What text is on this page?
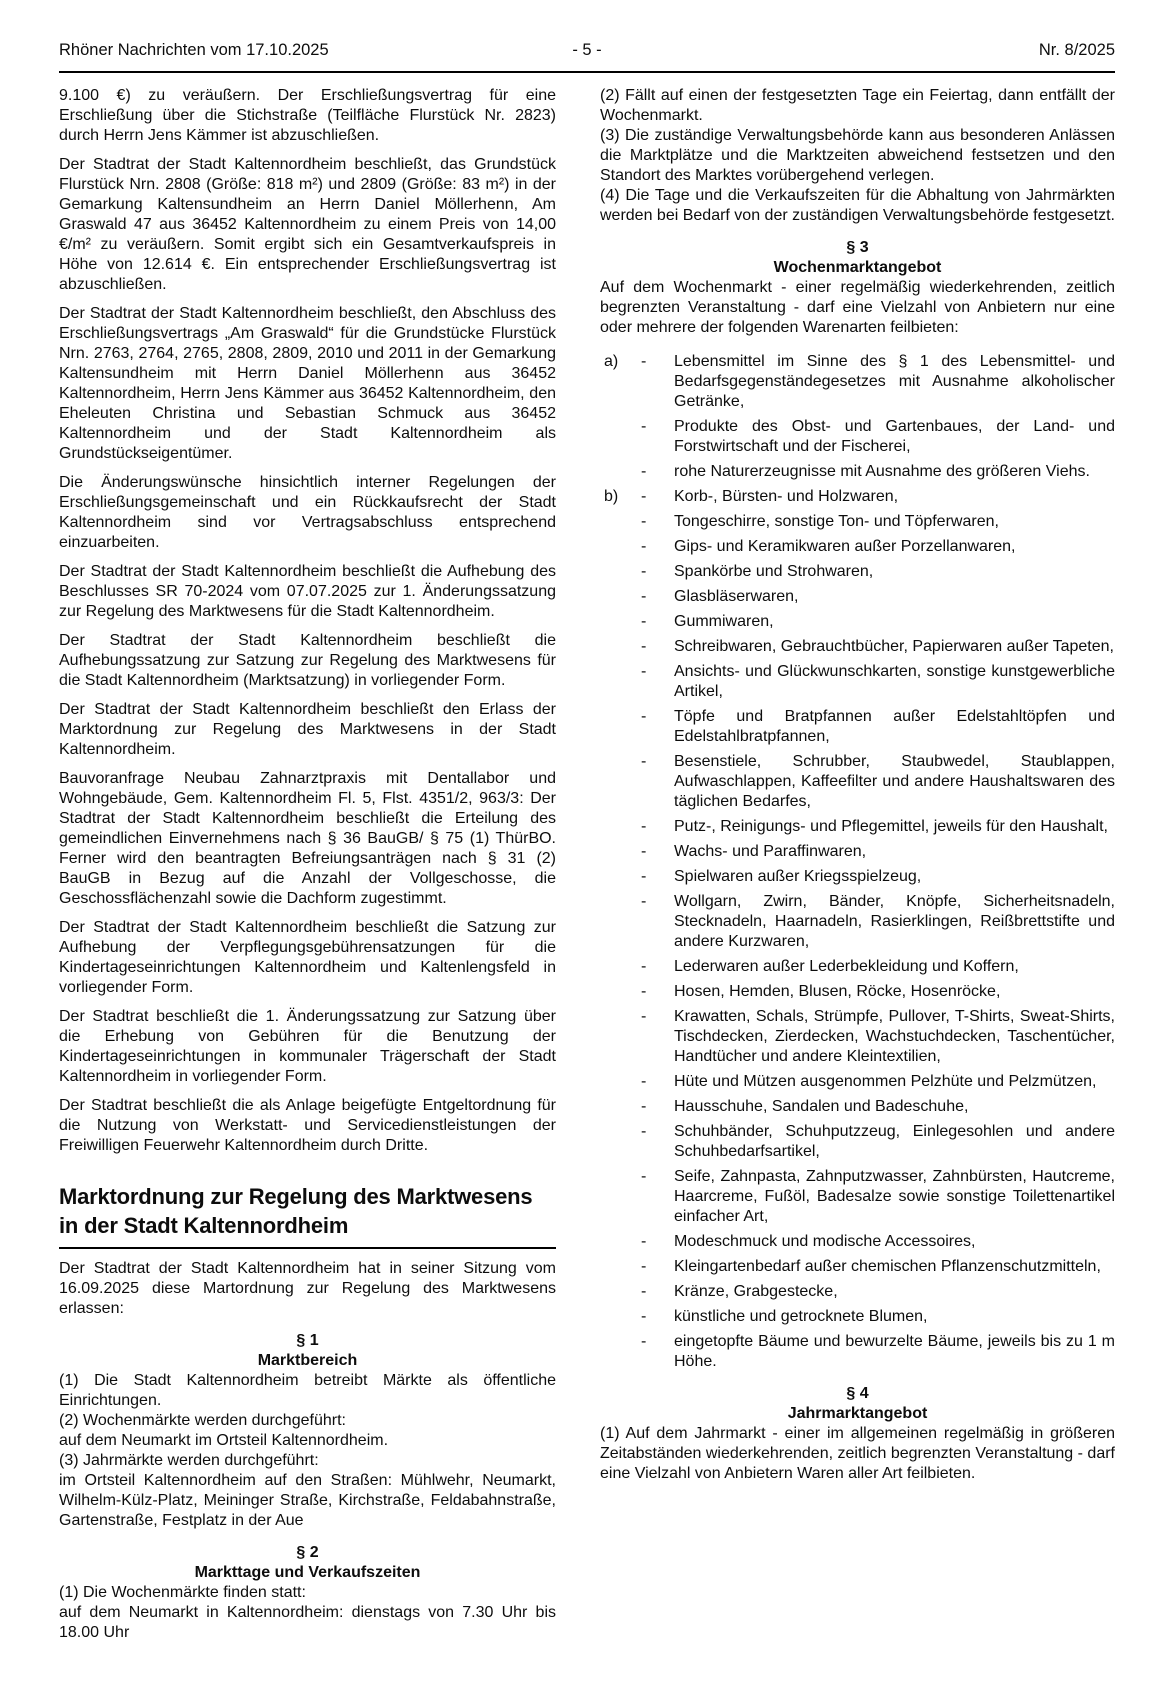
Rhöner Nachrichten vom 17.10.2025	- 5 -	Nr. 8/2025

9.100 €) zu veräußern. Der Erschließungsvertrag für eine Erschließung über die Stichstraße (Teilfläche Flurstück Nr. 2823) durch Herrn Jens Kämmer ist abzuschließen.

Der Stadtrat der Stadt Kaltennordheim beschließt, das Grundstück Flurstück Nrn. 2808 (Größe: 818 m²) und 2809 (Größe: 83 m²) in der Gemarkung Kaltensundheim an Herrn Daniel Möllerhenn, Am Graswald 47 aus 36452 Kaltennordheim zu einem Preis von 14,00 €/m² zu veräußern. Somit ergibt sich ein Gesamtverkaufspreis in Höhe von 12.614 €. Ein entsprechender Erschließungsvertrag ist abzuschließen.

Der Stadtrat der Stadt Kaltennordheim beschließt, den Abschluss des Erschließungsvertrags „Am Graswald“ für die Grundstücke Flurstück Nrn. 2763, 2764, 2765, 2808, 2809, 2010 und 2011 in der Gemarkung Kaltensundheim mit Herrn Daniel Möllerhenn aus 36452 Kaltennordheim, Herrn Jens Kämmer aus 36452 Kaltennordheim, den Eheleuten Christina und Sebastian Schmuck aus 36452 Kaltennordheim und der Stadt Kaltennordheim als Grundstückseigentümer.

Die Änderungswünsche hinsichtlich interner Regelungen der Erschließungsgemeinschaft und ein Rückkaufsrecht der Stadt Kaltennordheim sind vor Vertragsabschluss entsprechend einzuarbeiten.

Der Stadtrat der Stadt Kaltennordheim beschließt die Aufhebung des Beschlusses SR 70-2024 vom 07.07.2025 zur 1. Änderungssatzung zur Regelung des Marktwesens für die Stadt Kaltennordheim.

Der Stadtrat der Stadt Kaltennordheim beschließt die Aufhebungssatzung zur Satzung zur Regelung des Marktwesens für die Stadt Kaltennordheim (Marktsatzung) in vorliegender Form.

Der Stadtrat der Stadt Kaltennordheim beschließt den Erlass der Marktordnung zur Regelung des Marktwesens in der Stadt Kaltennordheim.

Bauvoranfrage Neubau Zahnarztpraxis mit Dentallabor und Wohngebäude, Gem. Kaltennordheim Fl. 5, Flst. 4351/2, 963/3: Der Stadtrat der Stadt Kaltennordheim beschließt die Erteilung des gemeindlichen Einvernehmens nach § 36 BauGB/ § 75 (1) ThürBO. Ferner wird den beantragten Befreiungsanträgen nach § 31 (2) BauGB in Bezug auf die Anzahl der Vollgeschosse, die Geschossflächenzahl sowie die Dachform zugestimmt.

Der Stadtrat der Stadt Kaltennordheim beschließt die Satzung zur Aufhebung der Verpflegungsgebührensatzungen für die Kindertageseinrichtungen Kaltennordheim und Kaltenlengsfeld in vorliegender Form.

Der Stadtrat beschließt die 1. Änderungssatzung zur Satzung über die Erhebung von Gebühren für die Benutzung der Kindertageseinrichtungen in kommunaler Trägerschaft der Stadt Kaltennordheim in vorliegender Form.

Der Stadtrat beschließt die als Anlage beigefügte Entgeltordnung für die Nutzung von Werkstatt- und Servicedienstleistungen der Freiwilligen Feuerwehr Kaltennordheim durch Dritte.

Marktordnung zur Regelung des Marktwesens
in der Stadt Kaltennordheim

Der Stadtrat der Stadt Kaltennordheim hat in seiner Sitzung vom 16.09.2025 diese Martordnung zur Regelung des Marktwesens erlassen:

§ 1
Marktbereich

(1) Die Stadt Kaltennordheim betreibt Märkte als öffentliche Einrichtungen.

(2) Wochenmärkte werden durchgeführt:

auf dem Neumarkt im Ortsteil Kaltennordheim.

(3) Jahrmärkte werden durchgeführt:

im Ortsteil Kaltennordheim auf den Straßen: Mühlwehr, Neumarkt, Wilhelm-Külz-Platz, Meininger Straße, Kirchstraße, Feldabahnstraße, Gartenstraße, Festplatz in der Aue

§ 2
Markttage und Verkaufszeiten

(1) Die Wochenmärkte finden statt:

auf dem Neumarkt in Kaltennordheim: dienstags von 7.30 Uhr bis 18.00 Uhr

(2) Fällt auf einen der festgesetzten Tage ein Feiertag, dann entfällt der Wochenmarkt.

(3) Die zuständige Verwaltungsbehörde kann aus besonderen Anlässen die Marktplätze und die Marktzeiten abweichend festsetzen und den Standort des Marktes vorübergehend verlegen.

(4) Die Tage und die Verkaufszeiten für die Abhaltung von Jahrmärkten werden bei Bedarf von der zuständigen Verwaltungsbehörde festgesetzt.

§ 3
Wochenmarktangebot

Auf dem Wochenmarkt - einer regelmäßig wiederkehrenden, zeitlich begrenzten Veranstaltung - darf eine Vielzahl von Anbietern nur eine oder mehrere der folgenden Warenarten feilbieten:

a) - Lebensmittel im Sinne des § 1 des Lebensmittel- und Bedarfsgegenständegesetzes mit Ausnahme alkoholischer Getränke,
- Produkte des Obst- und Gartenbaues, der Land- und Forstwirtschaft und der Fischerei,
- rohe Naturerzeugnisse mit Ausnahme des größeren Viehs.
b) - Korb-, Bürsten- und Holzwaren,
- Tongeschirre, sonstige Ton- und Töpferwaren,
- Gips- und Keramikwaren außer Porzellanwaren,
- Spankörbe und Strohwaren,
- Glasbläserwaren,
- Gummiwaren,
- Schreibwaren, Gebrauchtbücher, Papierwaren außer Tapeten,
- Ansichts- und Glückwunschkarten, sonstige kunstgewerbliche Artikel,
- Töpfe und Bratpfannen außer Edelstahltöpfen und Edelstahlbratpfannen,
- Besenstiele, Schrubber, Staubwedel, Staublappen, Aufwaschlappen, Kaffeefilter und andere Haushaltswaren des täglichen Bedarfes,
- Putz-, Reinigungs- und Pflegemittel, jeweils für den Haushalt,
- Wachs- und Paraffinwaren,
- Spielwaren außer Kriegsspielzeug,
- Wollgarn, Zwirn, Bänder, Knöpfe, Sicherheitsnadeln, Stecknadeln, Haarnadeln, Rasierklingen, Reißbrettstifte und andere Kurzwaren,
- Lederwaren außer Lederbekleidung und Koffern,
- Hosen, Hemden, Blusen, Röcke, Hosenröcke,
- Krawatten, Schals, Strümpfe, Pullover, T-Shirts, Sweat-Shirts, Tischdecken, Zierdecken, Wachstuchdecken, Taschentücher, Handtücher und andere Kleintextilien,
- Hüte und Mützen ausgenommen Pelzhüte und Pelzmützen,
- Hausschuhe, Sandalen und Badeschuhe,
- Schuhbänder, Schuhputzzeug, Einlegesohlen und andere Schuhbedarfsartikel,
- Seife, Zahnpasta, Zahnputzwasser, Zahnbürsten, Hautcreme, Haarcreme, Fußöl, Badesalze sowie sonstige Toilettenartikel einfacher Art,
- Modeschmuck und modische Accessoires,
- Kleingartenbedarf außer chemischen Pflanzenschutzmitteln,
- Kränze, Grabgestecke,
- künstliche und getrocknete Blumen,
- eingetopfte Bäume und bewurzelte Bäume, jeweils bis zu 1 m Höhe.
§ 4
Jahrmarktangebot

(1) Auf dem Jahrmarkt - einer im allgemeinen regelmäßig in größeren Zeitabständen wiederkehrenden, zeitlich begrenzten Veranstaltung - darf eine Vielzahl von Anbietern Waren aller Art feilbieten.
